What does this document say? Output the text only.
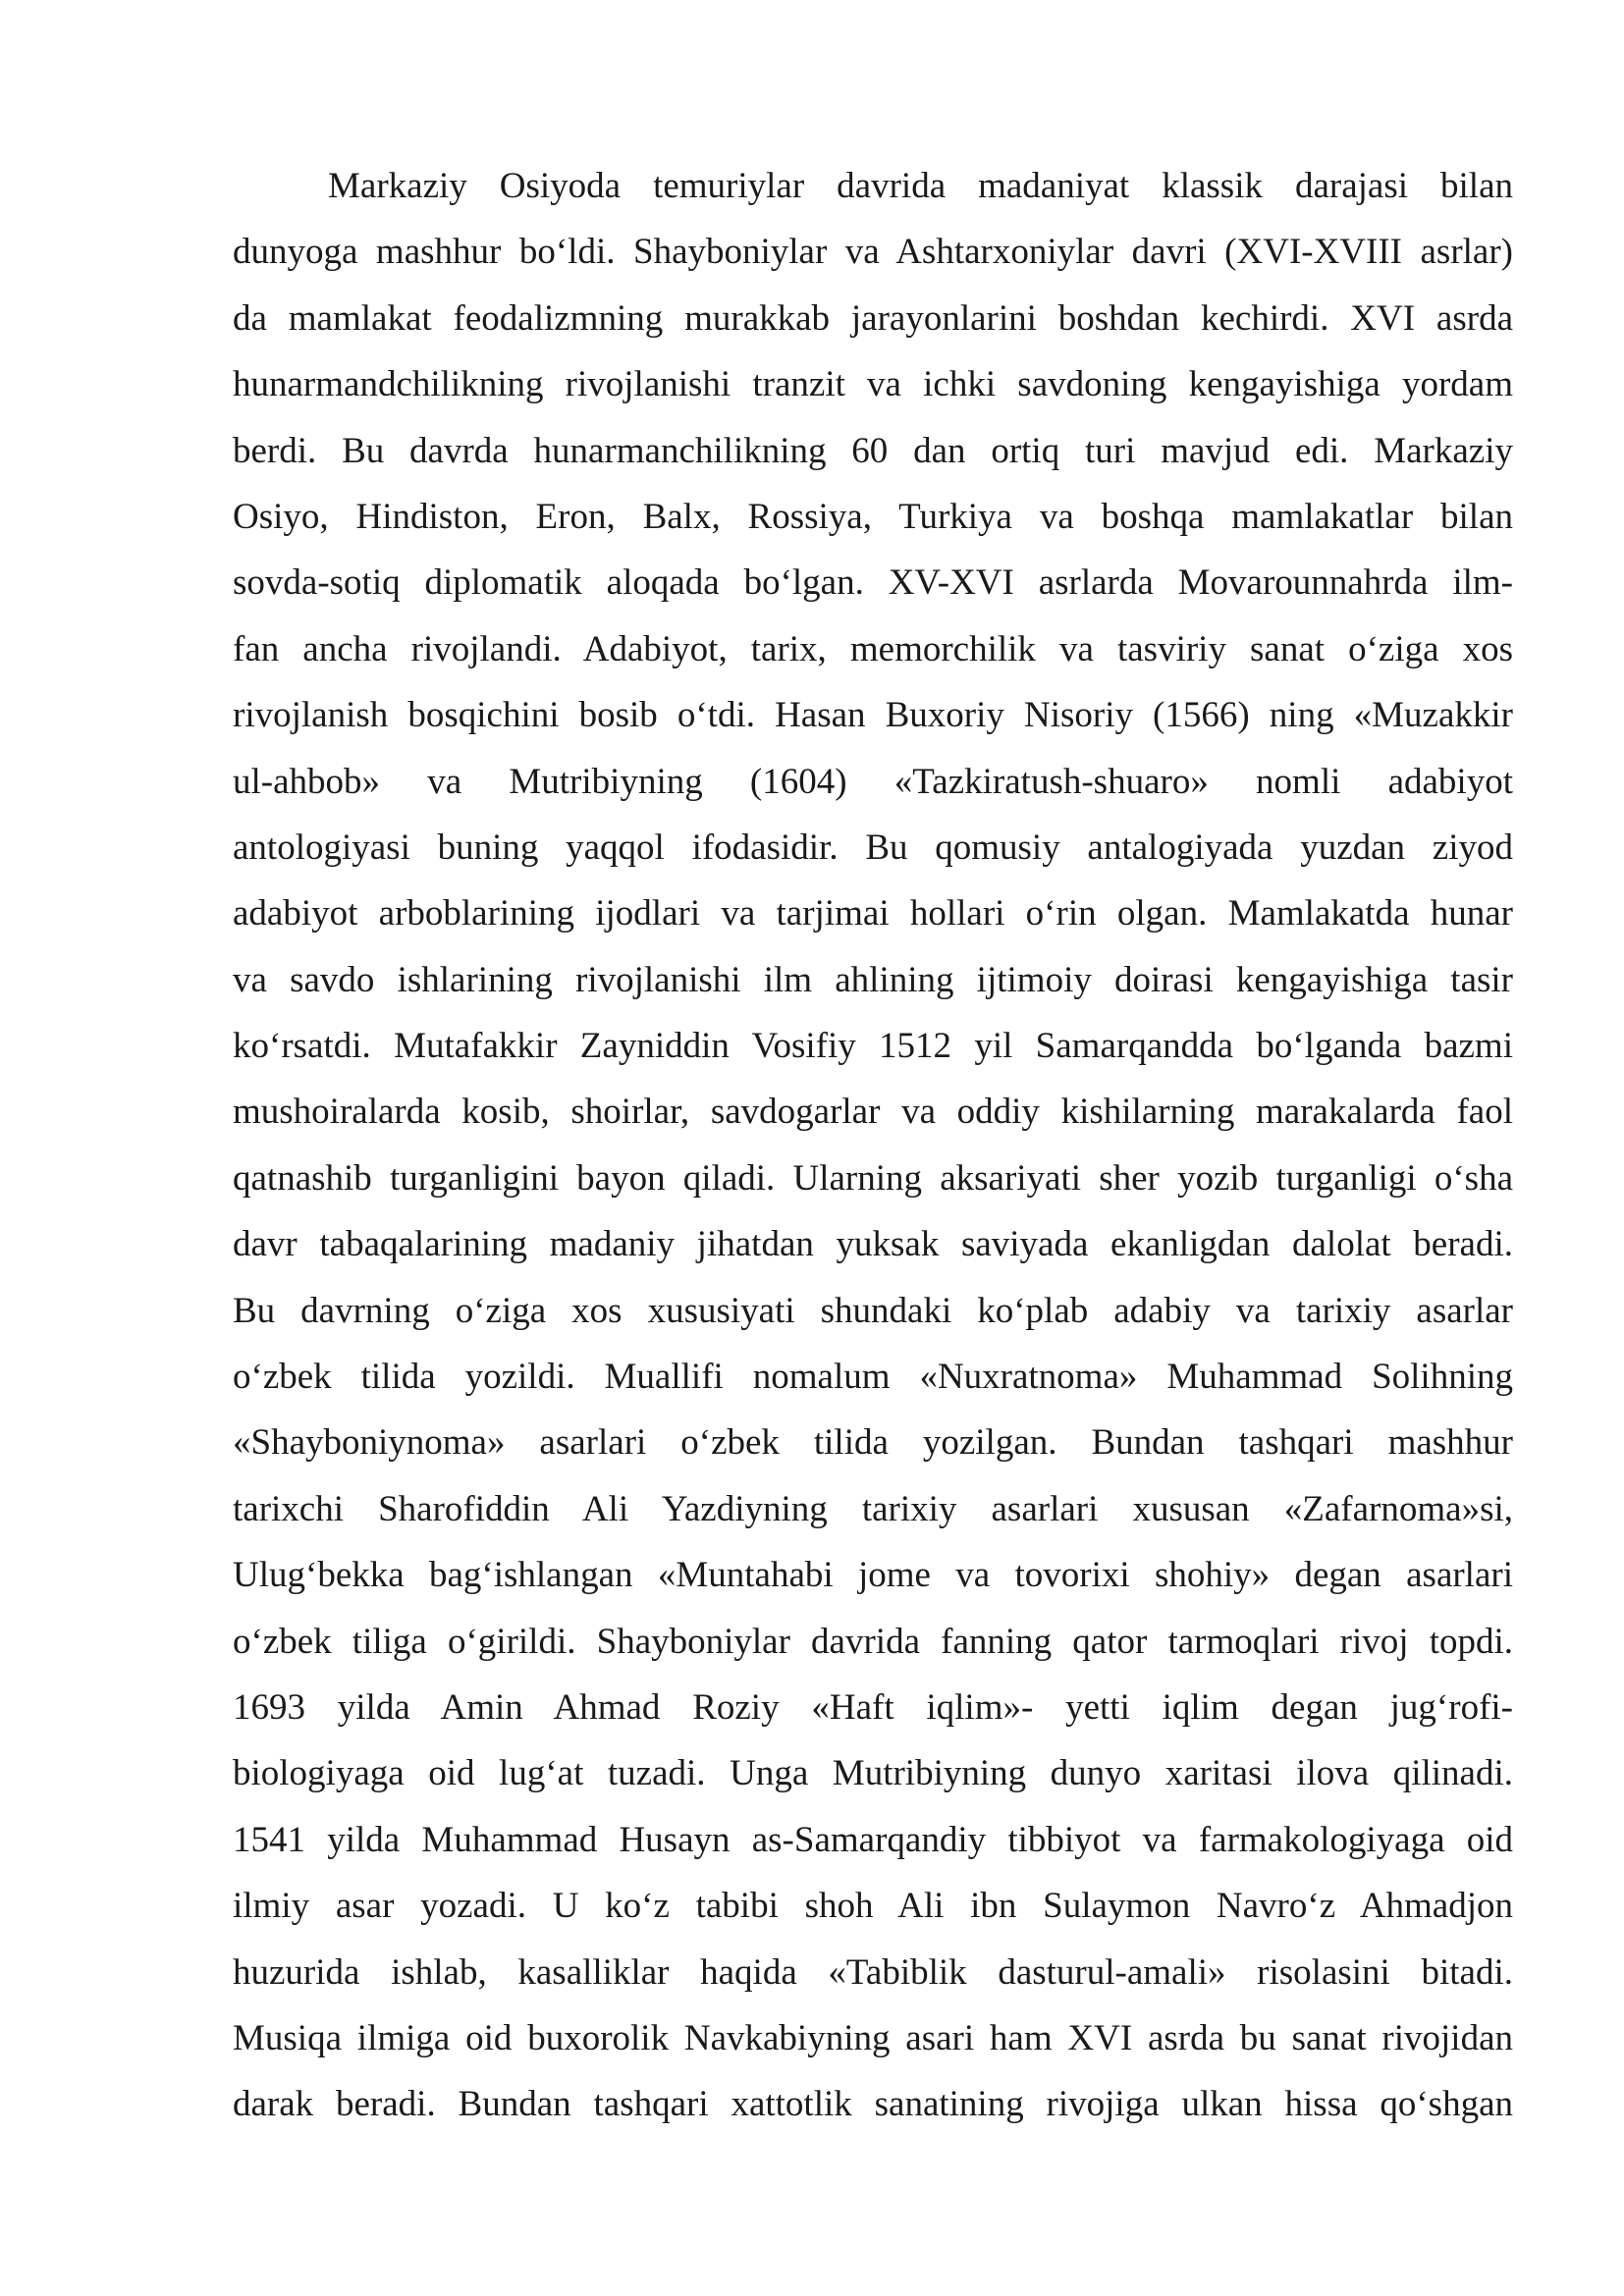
Markaziy Osiyoda temuriylar davrida madaniyat klassik darajasi bilan
dunyoga mashhur bo‘ldi. Shayboniylar va Ashtarxoniylar davri (XVI-XVIII asrlar)
da mamlakat feodalizmning murakkab jarayonlarini boshdan kechirdi. XVI asrda
hunarmandchilikning rivojlanishi tranzit va ichki savdoning kengayishiga yordam
berdi. Bu davrda hunarmanchilikning 60 dan ortiq turi mavjud edi. Markaziy
Osiyo, Hindiston, Eron, Balx, Rossiya, Turkiya va boshqa mamlakatlar bilan
sovda-sotiq diplomatik aloqada bo‘lgan. XV-XVI asrlarda Movarounnahrda ilm-
fan ancha rivojlandi. Adabiyot, tarix, memorchilik va tasviriy sanat o‘ziga xos
rivojlanish bosqichini bosib o‘tdi. Hasan Buxoriy Nisoriy (1566) ning «Muzakkir
ul-ahbob» va Mutribiyning (1604) «Tazkiratush-shuaro» nomli adabiyot
antologiyasi buning yaqqol ifodasidir. Bu qomusiy antalogiyada yuzdan ziyod
adabiyot arboblarining ijodlari va tarjimai hollari o‘rin olgan. Mamlakatda hunar
va savdo ishlarining rivojlanishi ilm ahlining ijtimoiy doirasi kengayishiga tasir
ko‘rsatdi. Mutafakkir Zayniddin Vosifiy 1512 yil Samarqandda bo‘lganda bazmi
mushoiralarda kosib, shoirlar, savdogarlar va oddiy kishilarning marakalarda faol
qatnashib turganligini bayon qiladi. Ularning aksariyati sher yozib turganligi o‘sha
davr tabaqalarining madaniy jihatdan yuksak saviyada ekanligdan dalolat beradi.
Bu davrning o‘ziga xos xususiyati shundaki ko‘plab adabiy va tarixiy asarlar
o‘zbek tilida yozildi. Muallifi nomalum «Nuxratnoma» Muhammad Solihning
«Shayboniynoma» asarlari o‘zbek tilida yozilgan. Bundan tashqari mashhur
tarixchi Sharofiddin Ali Yazdiyning tarixiy asarlari xususan «Zafarnoma»si,
Ulug‘bekka bag‘ishlangan «Muntahabi jome va tovorixi shohiy» degan asarlari
o‘zbek tiliga o‘girildi. Shayboniylar davrida fanning qator tarmoqlari rivoj topdi.
1693 yilda Amin Ahmad Roziy «Haft iqlim»- yetti iqlim degan jug‘rofi-
biologiyaga oid lug‘at tuzadi. Unga Mutribiyning dunyo xaritasi ilova qilinadi.
1541 yilda Muhammad Husayn as-Samarqandiy tibbiyot va farmakologiyaga oid
ilmiy asar yozadi. U ko‘z tabibi shoh Ali ibn Sulaymon Navro‘z Ahmadjon
huzurida ishlab, kasalliklar haqida «Tabiblik dasturul-amali» risolasini bitadi.
Musiqa ilmiga oid buxorolik Navkabiyning asari ham XVI asrda bu sanat rivojidan
darak beradi. Bundan tashqari xattotlik sanatining rivojiga ulkan hissa qo‘shgan
